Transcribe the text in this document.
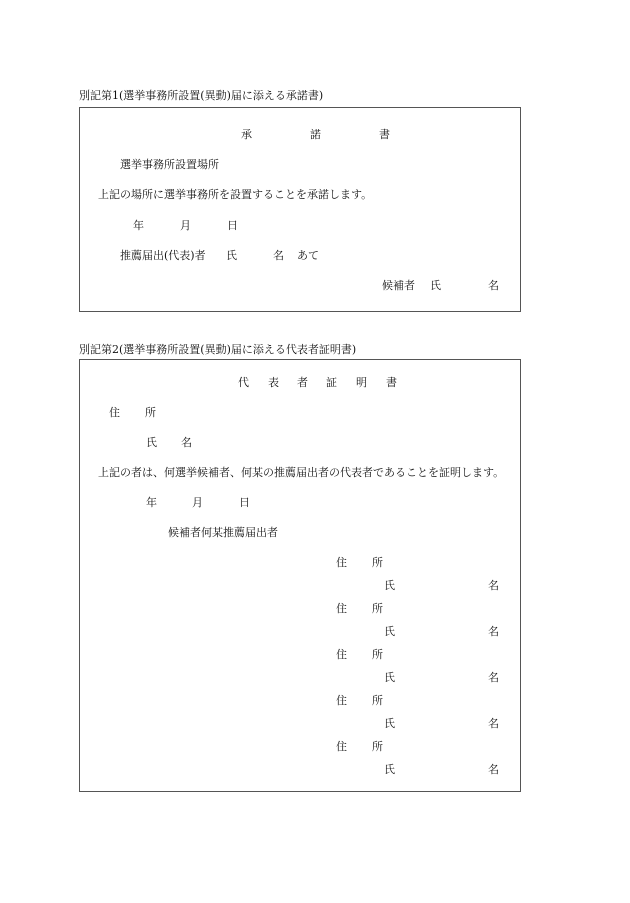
別記第1(選挙事務所設置(異動)届に添える承諾書)
承	諾	書
選挙事務所設置場所
上記の場所に選挙事務所を設置することを承諾します。
年	月	日
推薦届出(代表)者 氏	名 あて
候補者 氏	名
別記第2(選挙事務所設置(異動)届に添える代表者証明書)
代 表 者 証 明 書
住 所
氏 名
上記の者は、何選挙候補者、何某の推薦届出者の代表者であることを証明します。
年	月	日
候補者何某推薦届出者
住 所
氏	名
住 所
氏	名
住 所
氏	名
住 所
氏	名
住 所
氏	名
